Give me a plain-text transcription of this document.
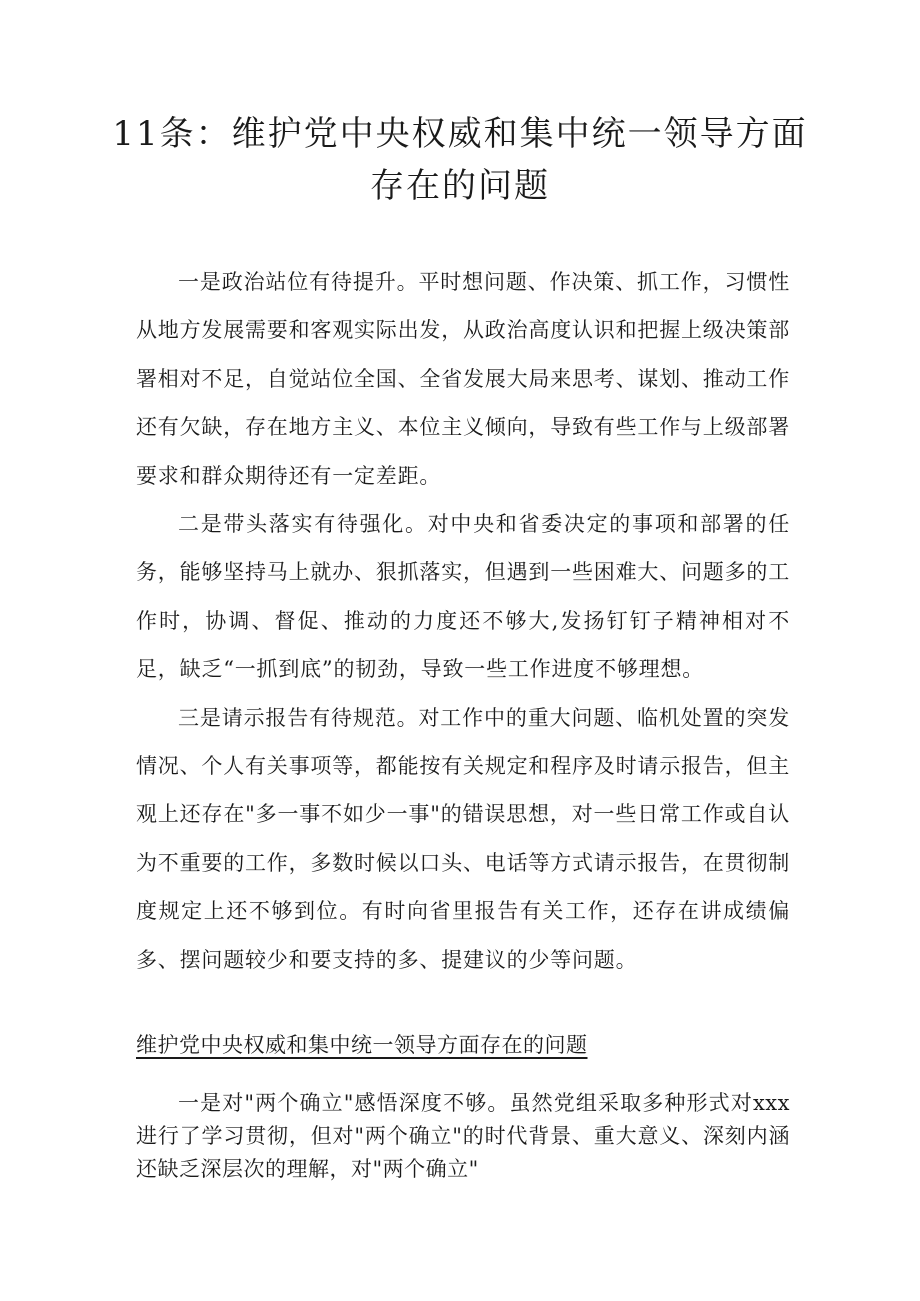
11条：维护党中央权威和集中统一领导方面存在的问题

一是政治站位有待提升。平时想问题、作决策、抓工作，习惯性从地方发展需要和客观实际出发，从政治高度认识和把握上级决策部署相对不足，自觉站位全国、全省发展大局来思考、谋划、推动工作还有欠缺，存在地方主义、本位主义倾向，导致有些工作与上级部署要求和群众期待还有一定差距。

二是带头落实有待强化。对中央和省委决定的事项和部署的任务，能够坚持马上就办、狠抓落实，但遇到一些困难大、问题多的工作时，协调、督促、推动的力度还不够大,发扬钉钉子精神相对不足，缺乏“一抓到底”的韧劲，导致一些工作进度不够理想。

三是请示报告有待规范。对工作中的重大问题、临机处置的突发情况、个人有关事项等，都能按有关规定和程序及时请示报告，但主观上还存在"多一事不如少一事"的错误思想，对一些日常工作或自认为不重要的工作，多数时候以口头、电话等方式请示报告，在贯彻制度规定上还不够到位。有时向省里报告有关工作，还存在讲成绩偏多、摆问题较少和要支持的多、提建议的少等问题。

维护党中央权威和集中统一领导方面存在的问题

一是对"两个确立"感悟深度不够。虽然党组采取多种形式对xxx进行了学习贯彻，但对"两个确立"的时代背景、重大意义、深刻内涵还缺乏深层次的理解，对"两个确立"
